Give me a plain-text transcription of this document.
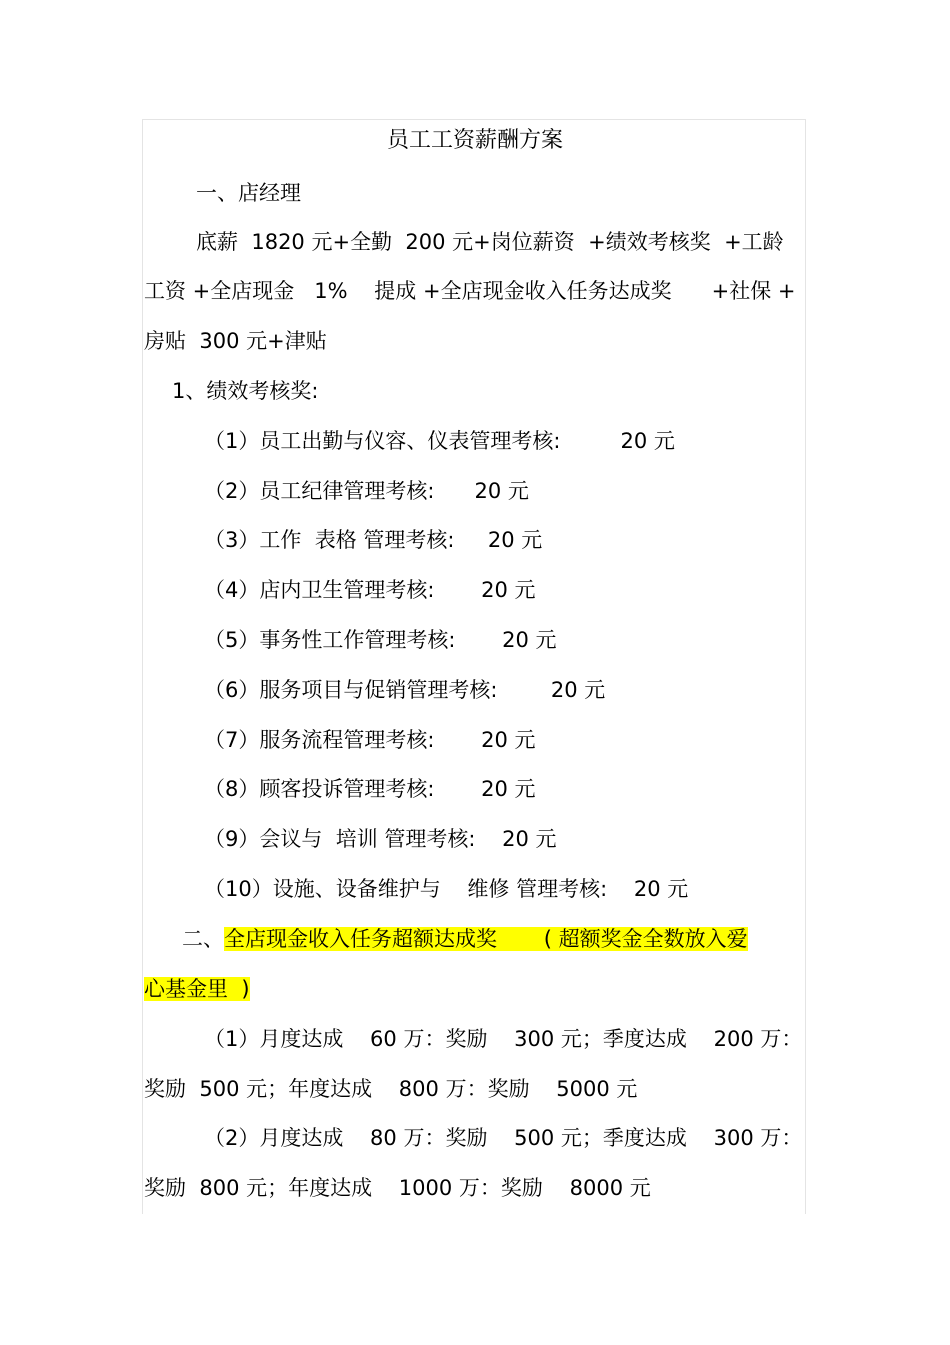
员工工资薪酬方案
一、店经理
底薪  1820 元+全勤  200 元+岗位薪资  +绩效考核奖  +工龄
工资 +全店现金   1%    提成 +全店现金收入任务达成奖      +社保 +
房贴  300 元+津贴
1、绩效考核奖:
（1）员工出勤与仪容、仪表管理考核:         20 元
（2）员工纪律管理考核:      20 元
（3）工作  表格 管理考核:     20 元
（4）店内卫生管理考核:       20 元
（5）事务性工作管理考核:       20 元
（6）服务项目与促销管理考核:        20 元
（7）服务流程管理考核:       20 元
（8）顾客投诉管理考核:       20 元
（9）会议与  培训 管理考核:    20 元
（10）设施、设备维护与    维修 管理考核:    20 元
二、全店现金收入任务超额达成奖       ( 超额奖金全数放入爱
心基金里  )
（1）月度达成    60 万：奖励    300 元；季度达成    200 万：
奖励  500 元；年度达成    800 万：奖励    5000 元
（2）月度达成    80 万：奖励    500 元；季度达成    300 万：
奖励  800 元；年度达成    1000 万：奖励    8000 元
